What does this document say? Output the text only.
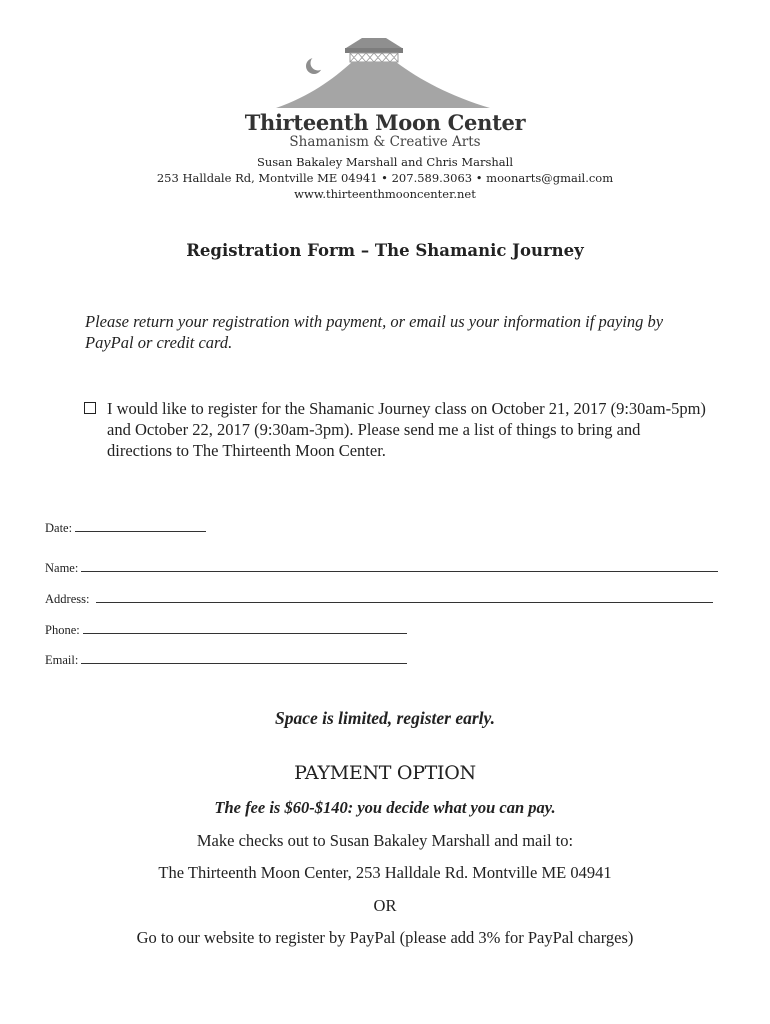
Thirteenth Moon Center
Shamanism & Creative Arts
Susan Bakaley Marshall and Chris Marshall
253 Halldale Rd, Montville ME 04941 • 207.589.3063 • moonarts@gmail.com
www.thirteenthmooncenter.net
Registration Form – The Shamanic Journey
Please return your registration with payment, or email us your information if paying by PayPal or credit card.
I would like to register for the Shamanic Journey class on October 21, 2017 (9:30am-5pm) and October 22, 2017 (9:30am-3pm). Please send me a list of things to bring and directions to The Thirteenth Moon Center.
Date:
Name:
Address:
Phone:
Email:
Space is limited, register early.
PAYMENT OPTION
The fee is $60-$140: you decide what you can pay.
Make checks out to Susan Bakaley Marshall and mail to:
The Thirteenth Moon Center, 253 Halldale Rd. Montville ME 04941
OR
Go to our website to register by PayPal (please add 3% for PayPal charges)
